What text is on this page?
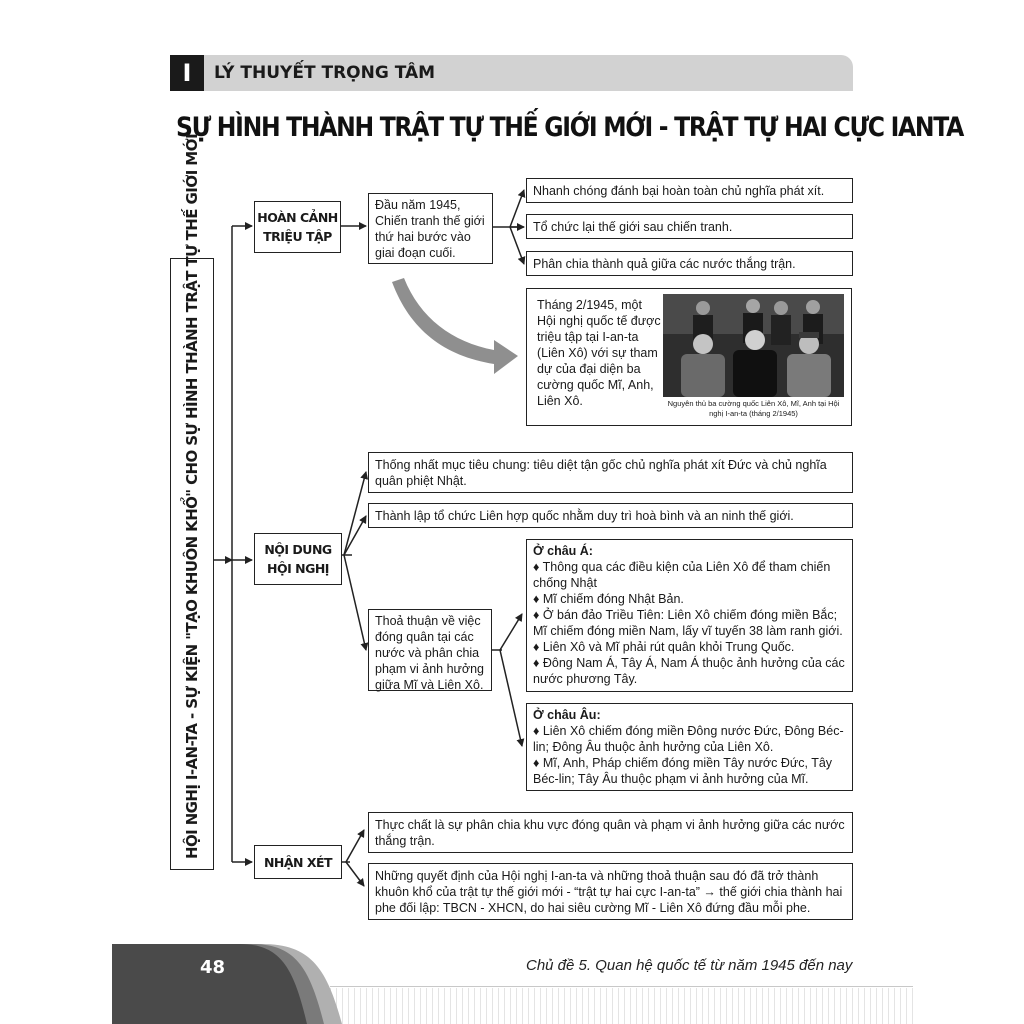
I	LÝ THUYẾT TRỌNG TÂM
SỰ HÌNH THÀNH TRẬT TỰ THẾ GIỚI MỚI - TRẬT TỰ HAI CỰC IANTA
HỘI NGHỊ I-AN-TA - SỰ KIỆN "TẠO KHUÔN KHỔ" CHO SỰ HÌNH THÀNH TRẬT TỰ THẾ GIỚI MỚI	HOÀN CẢNH
TRIỆU TẬP
NỘI DUNG
HỘI NGHỊ
NHẬN XÉT
Đầu năm 1945, Chiến tranh thế giới thứ hai bước vào giai đoạn cuối.
Nhanh chóng đánh bại hoàn toàn chủ nghĩa phát xít.
Tổ chức lại thế giới sau chiến tranh.
Phân chia thành quả giữa các nước thắng trận.
Tháng 2/1945, một Hội nghị quốc tế được triệu tập tại I-an-ta (Liên Xô) với sự tham dự của đại diện ba cường quốc Mĩ, Anh, Liên Xô.	Nguyên thủ ba cường quốc Liên Xô, Mĩ, Anh tại Hội nghị I-an-ta (tháng 2/1945)
Thống nhất mục tiêu chung: tiêu diệt tận gốc chủ nghĩa phát xít Đức và chủ nghĩa quân phiệt Nhật.
Thành lập tổ chức Liên hợp quốc nhằm duy trì hoà bình và an ninh thế giới.
Thoả thuận về việc đóng quân tại các nước và phân chia phạm vi ảnh hưởng giữa Mĩ và Liên Xô.
Ở châu Á:
♦ Thông qua các điều kiện của Liên Xô để tham chiến chống Nhật
♦ Mĩ chiếm đóng Nhật Bản.
♦ Ở bán đảo Triều Tiên: Liên Xô chiếm đóng miền Bắc; Mĩ chiếm đóng miền Nam, lấy vĩ tuyến 38 làm ranh giới.
♦ Liên Xô và Mĩ phải rút quân khỏi Trung Quốc.
♦ Đông Nam Á, Tây Á, Nam Á thuộc ảnh hưởng của các nước phương Tây.
Ở châu Âu:
♦ Liên Xô chiếm đóng miền Đông nước Đức, Đông Béc-lin; Đông Âu thuộc ảnh hưởng của Liên Xô.
♦ Mĩ, Anh, Pháp chiếm đóng miền Tây nước Đức, Tây Béc-lin; Tây Âu thuộc phạm vi ảnh hưởng của Mĩ.
Thực chất là sự phân chia khu vực đóng quân và phạm vi ảnh hưởng giữa các nước thắng trận.
Những quyết định của Hội nghị I-an-ta và những thoả thuận sau đó đã trở thành khuôn khổ của trật tự thế giới mới - “trật tự hai cực I-an-ta” → thế giới chia thành hai phe đối lập: TBCN - XHCN, do hai siêu cường Mĩ - Liên Xô đứng đầu mỗi phe.
48	Chủ đề 5. Quan hệ quốc tế từ năm 1945 đến nay
